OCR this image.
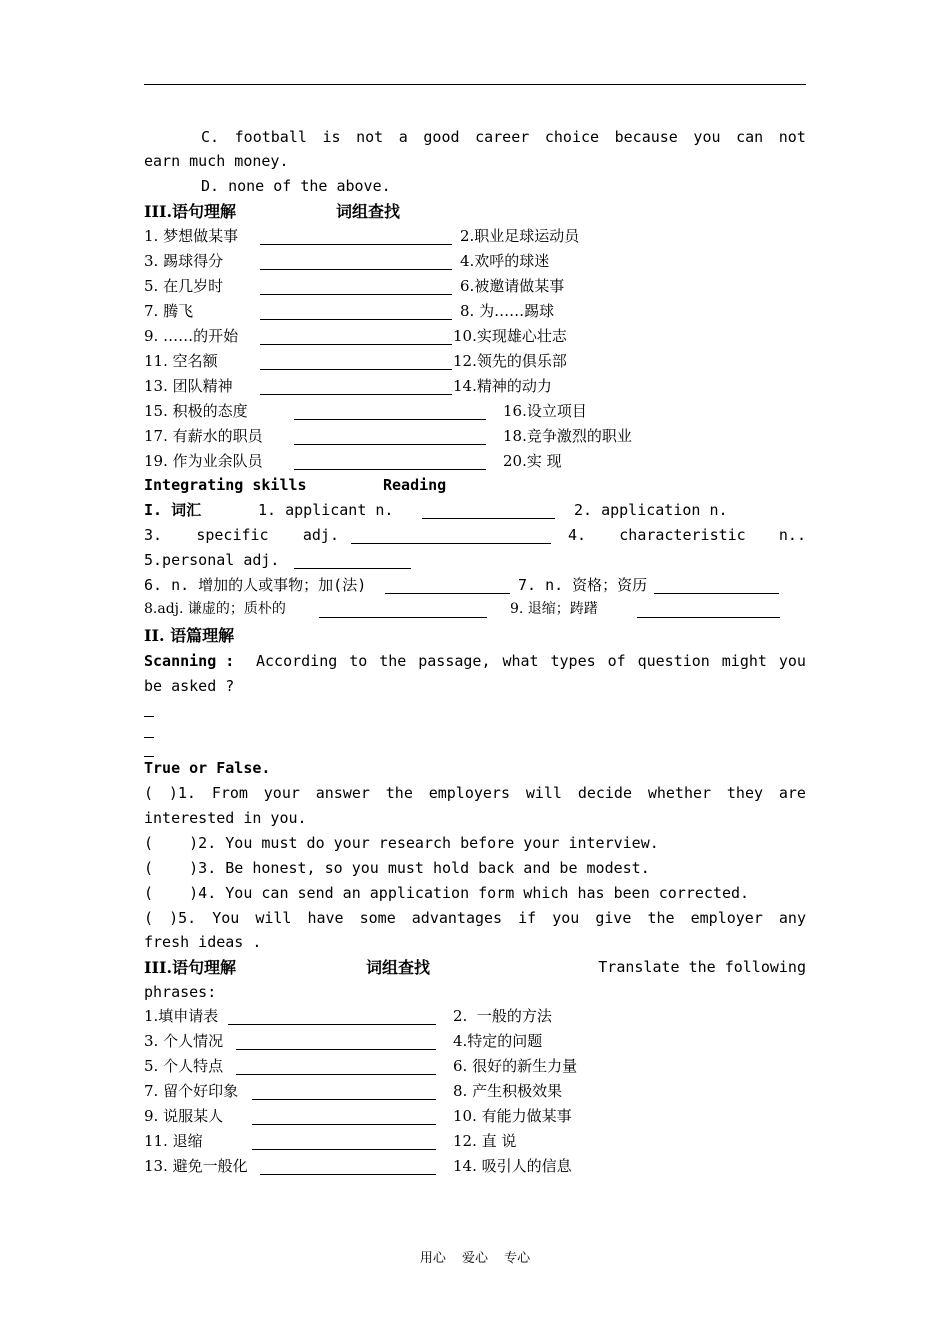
C. football is not a good career choice because you can not
earn much money.
D. none of the above.
III.语句理解	词组查找
1. 梦想做某事	2.职业足球运动员
3. 踢球得分	4.欢呼的球迷
5. 在几岁时	6.被邀请做某事
7. 腾飞	8. 为……踢球
9. ……的开始	10.实现雄心壮志
11. 空名额	12.领先的俱乐部
13. 团队精神	14.精神的动力
15. 积极的态度	16.设立项目
17. 有薪水的职员	18.竞争激烈的职业
19. 作为业余队员	20.实 现
Integrating skills	Reading
I. 词汇	1. applicant n.	2. application n.
3. specific adj.	4. characteristic n..
5.personal adj.
6. n. 增加的人或事物；加(法)	7. n. 资格；资历
8.adj. 谦虚的；质朴的	9. 退缩；踌躇
II. 语篇理解
Scanning : According to the passage, what types of question might you
be asked ?
True or False.
( )1. From your answer the employers will decide whether they are
interested in you.
(    )2. You must do your research before your interview.
(    )3. Be honest, so you must hold back and be modest.
(    )4. You can send an application form which has been corrected.
( )5. You will have some advantages if you give the employer any
fresh ideas .
III.语句理解	词组查找	Translate the following
phrases:
1.填申请表	2.  一般的方法
3. 个人情况	4.特定的问题
5. 个人特点	6. 很好的新生力量
7. 留个好印象	8. 产生积极效果
9. 说服某人	10. 有能力做某事
11. 退缩	12. 直 说
13. 避免一般化	14. 吸引人的信息
用心 爱心 专心
